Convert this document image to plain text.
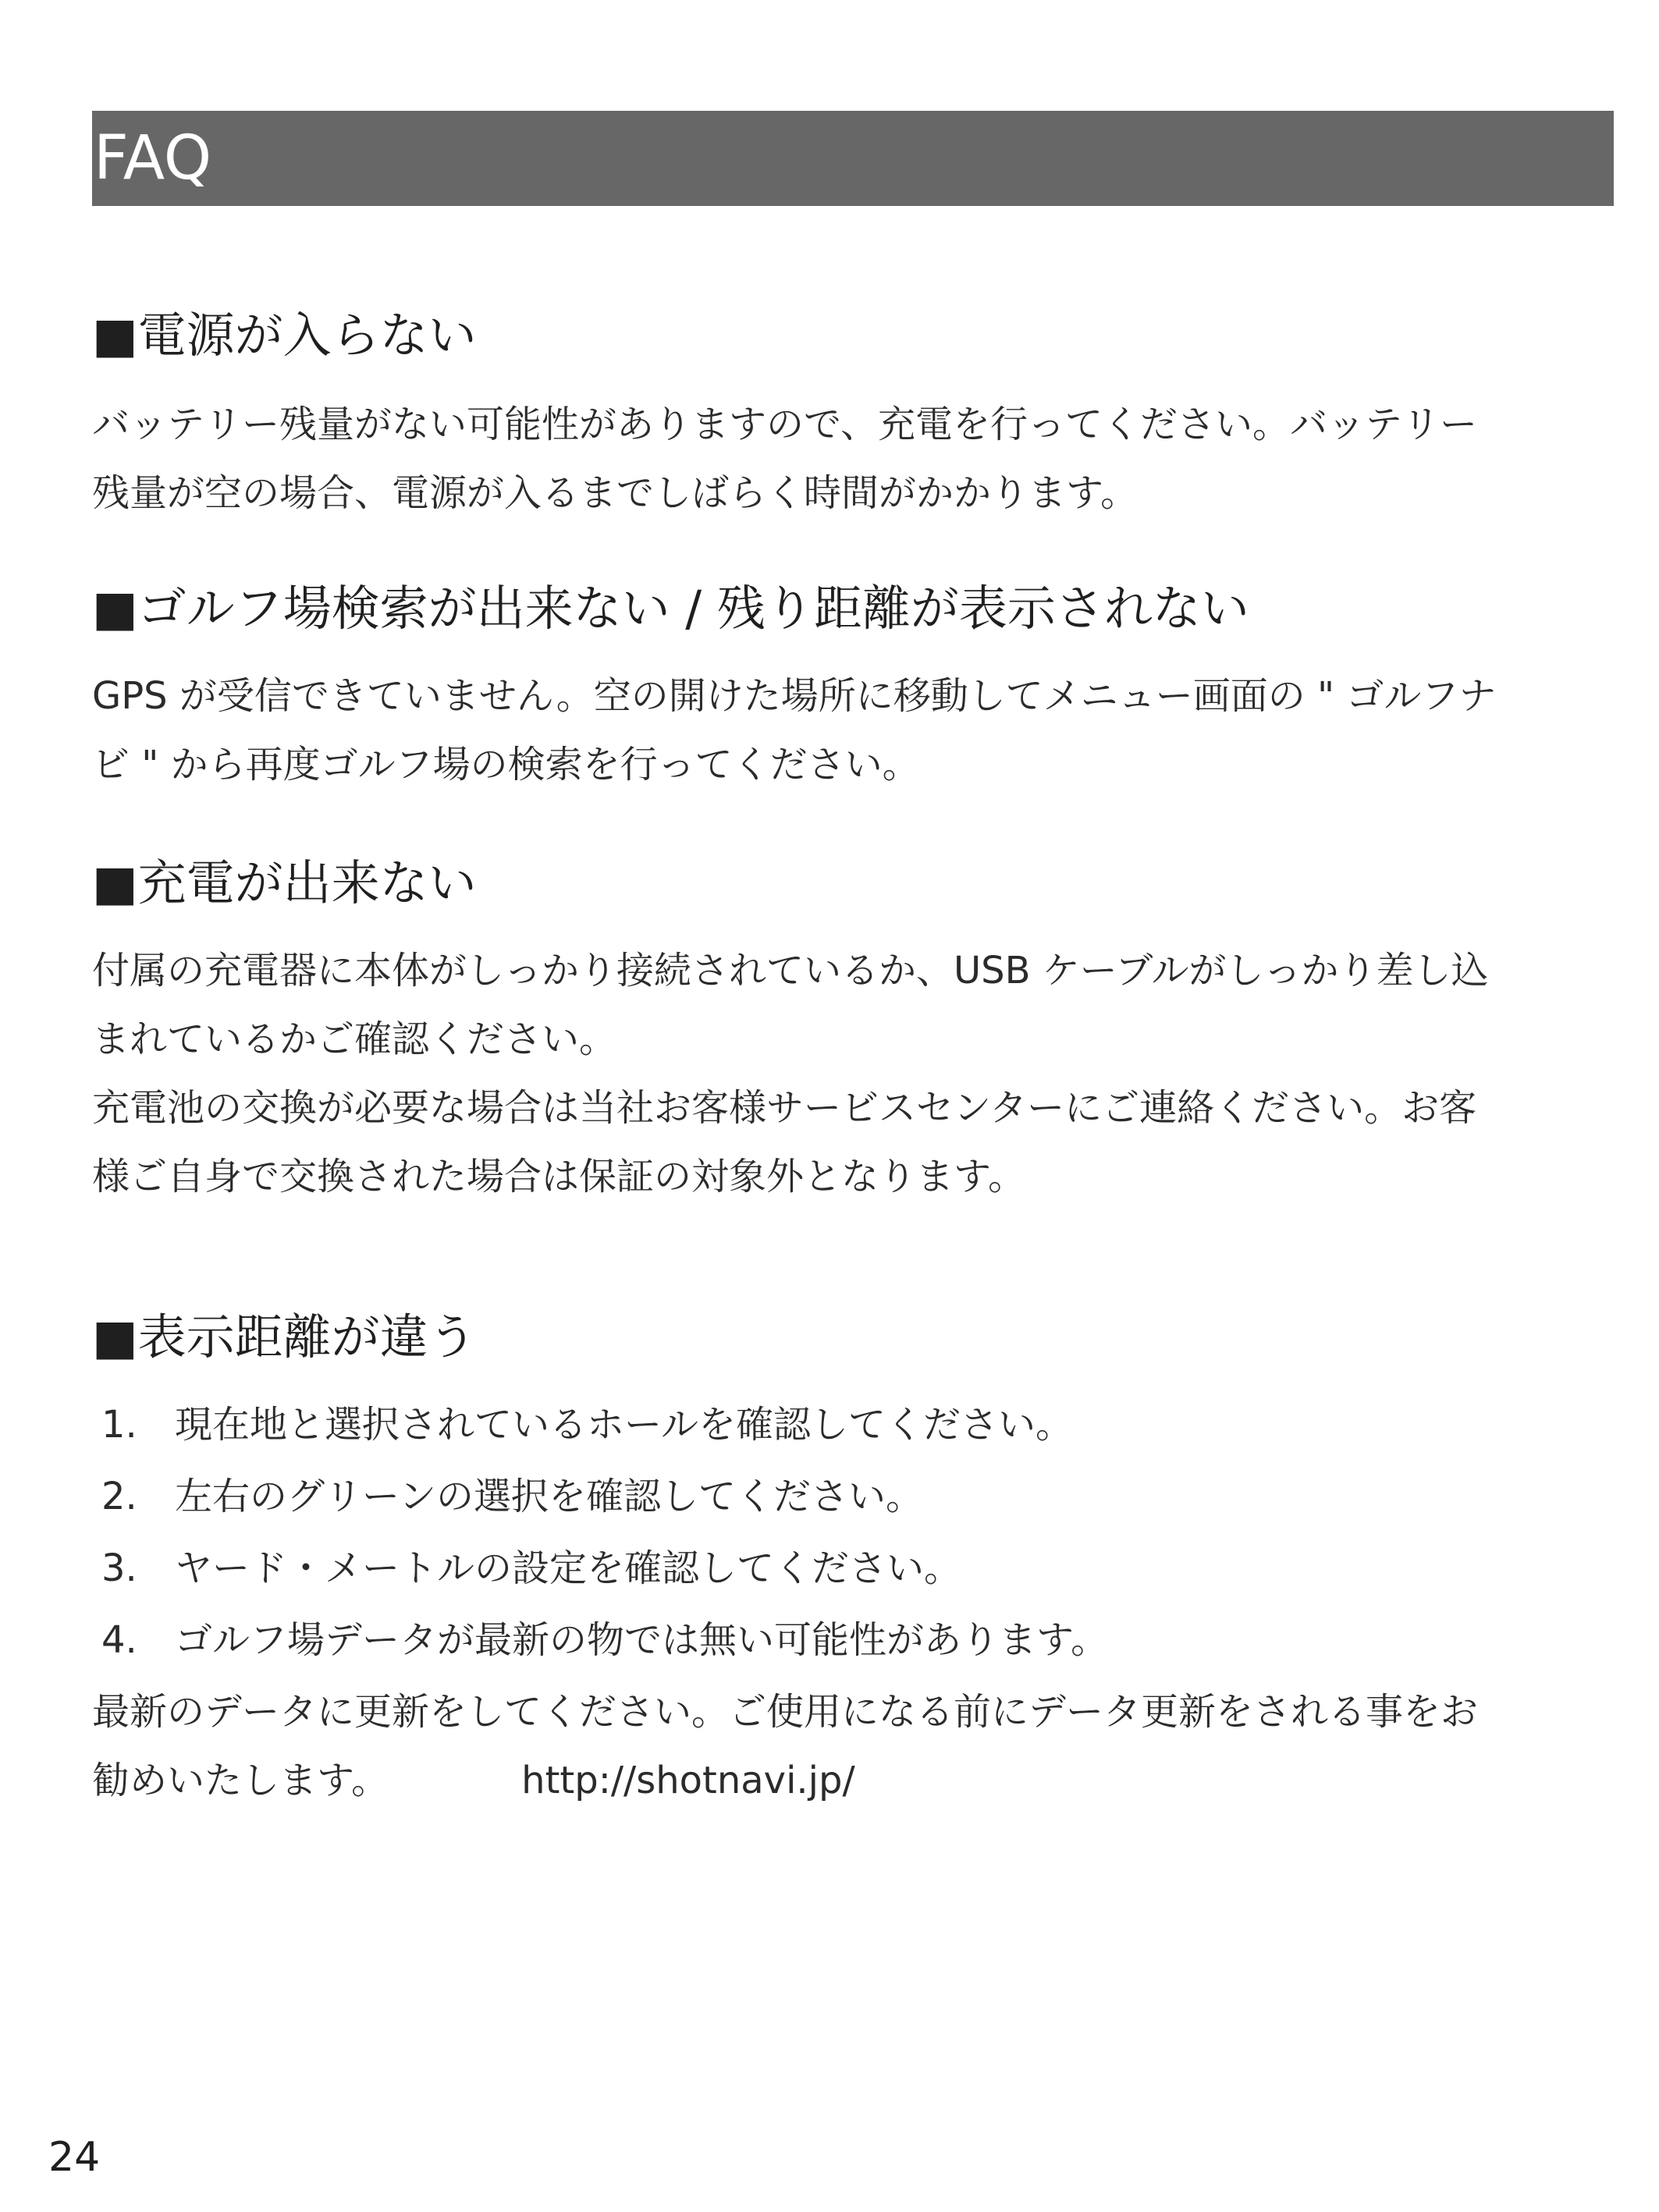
FAQ
■電源が入らない
バッテリー残量がない可能性がありますので、充電を行ってください。バッテリー
残量が空の場合、電源が入るまでしばらく時間がかかります。
■ゴルフ場検索が出来ない / 残り距離が表示されない
GPS が受信できていません。空の開けた場所に移動してメニュー画面の " ゴルフナ
ビ " から再度ゴルフ場の検索を行ってください。
■充電が出来ない
付属の充電器に本体がしっかり接続されているか、USB ケーブルがしっかり差し込
まれているかご確認ください。
充電池の交換が必要な場合は当社お客様サービスセンターにご連絡ください。お客
様ご自身で交換された場合は保証の対象外となります。
■表示距離が違う
1. 現在地と選択されているホールを確認してください。
2. 左右のグリーンの選択を確認してください。
3. ヤード・メートルの設定を確認してください。
4. ゴルフ場データが最新の物では無い可能性があります。
最新のデータに更新をしてください。ご使用になる前にデータ更新をされる事をお
勧めいたします。	http://shotnavi.jp/
24
